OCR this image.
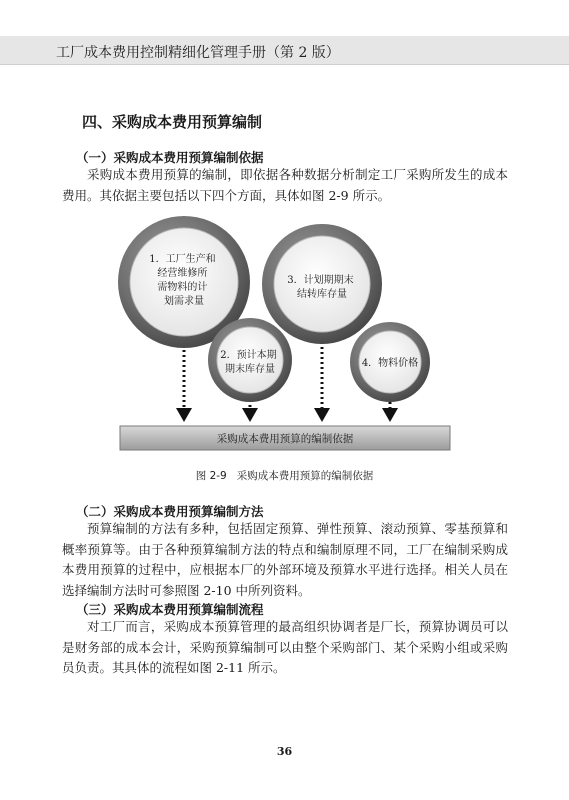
工厂成本费用控制精细化管理手册（第 2 版）
四、采购成本费用预算编制
（一）采购成本费用预算编制依据

采购成本费用预算的编制，即依据各种数据分析制定工厂采购所发生的成本费用。其依据主要包括以下四个方面，具体如图 2-9 所示。

1．工厂生产和 经营维修所 需物料的计 划需求量
3．计划期期末 结转库存量
2．预计本期 期末库存量
4．物料价格
采购成本费用预算的编制依据
图 2-9 采购成本费用预算的编制依据
（二）采购成本费用预算编制方法

预算编制的方法有多种，包括固定预算、弹性预算、滚动预算、零基预算和概率预算等。由于各种预算编制方法的特点和编制原理不同，工厂在编制采购成本费用预算的过程中，应根据本厂的外部环境及预算水平进行选择。相关人员在选择编制方法时可参照图 2-10 中所列资料。

（三）采购成本费用预算编制流程

对工厂而言，采购成本预算管理的最高组织协调者是厂长，预算协调员可以是财务部的成本会计，采购预算编制可以由整个采购部门、某个采购小组或采购员负责。其具体的流程如图 2-11 所示。

36
